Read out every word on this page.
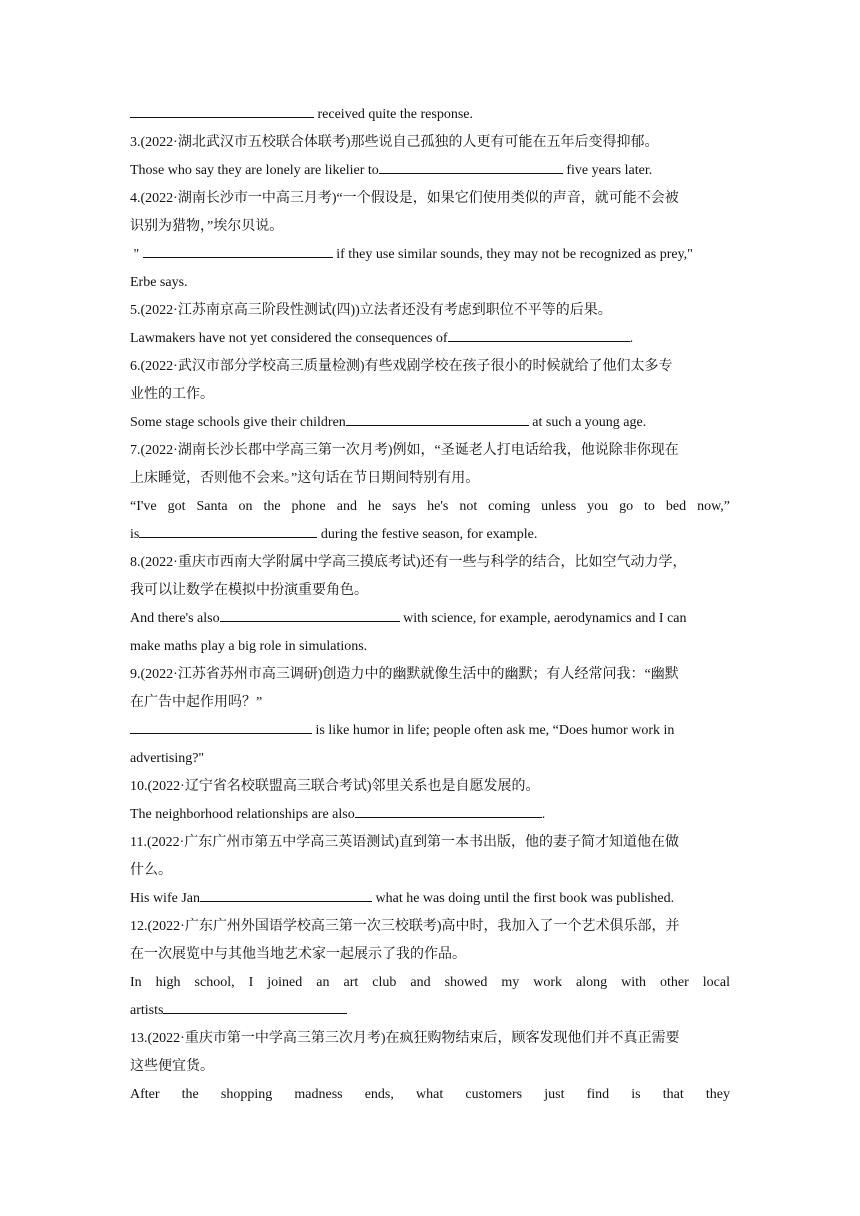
received quite the response.
3.(2022·湖北武汉市五校联合体联考)那些说自己孤独的人更有可能在五年后变得抑郁。
Those who say they are lonely are likelier to	five years later.
4.(2022·湖南长沙市一中高三月考)“一个假设是，如果它们使用类似的声音，就可能不会被
识别为猎物，”埃尔贝说。
"	if they use similar sounds, they may not be recognized as prey,"
Erbe says.
5.(2022·江苏南京高三阶段性测试(四))立法者还没有考虑到职位不平等的后果。
Lawmakers have not yet considered the consequences of	.
6.(2022·武汉市部分学校高三质量检测)有些戏剧学校在孩子很小的时候就给了他们太多专
业性的工作。
Some stage schools give their children	at such a young age.
7.(2022·湖南长沙长郡中学高三第一次月考)例如，“圣诞老人打电话给我，他说除非你现在
上床睡觉，否则他不会来。”这句话在节日期间特别有用。
“I've got Santa on the phone and he says he's not coming unless you go to bed now,”
is	during the festive season, for example.
8.(2022·重庆市西南大学附属中学高三摸底考试)还有一些与科学的结合，比如空气动力学，
我可以让数学在模拟中扮演重要角色。
And there's also	with science, for example, aerodynamics and I can
make maths play a big role in simulations.
9.(2022·江苏省苏州市高三调研)创造力中的幽默就像生活中的幽默；有人经常问我：“幽默
在广告中起作用吗？”
is like humor in life; people often ask me, “Does humor work in
advertising?"
10.(2022·辽宁省名校联盟高三联合考试)邻里关系也是自愿发展的。
The neighborhood relationships are also	.
11.(2022·广东广州市第五中学高三英语测试)直到第一本书出版，他的妻子简才知道他在做
什么。
His wife Jan	what he was doing until the first book was published.
12.(2022·广东广州外国语学校高三第一次三校联考)高中时，我加入了一个艺术俱乐部，并
在一次展览中与其他当地艺术家一起展示了我的作品。
In high school, I joined an art club and showed my work along with other local
artists
13.(2022·重庆市第一中学高三第三次月考)在疯狂购物结束后，顾客发现他们并不真正需要
这些便宜货。
After the shopping madness ends, what customers just find is that they
